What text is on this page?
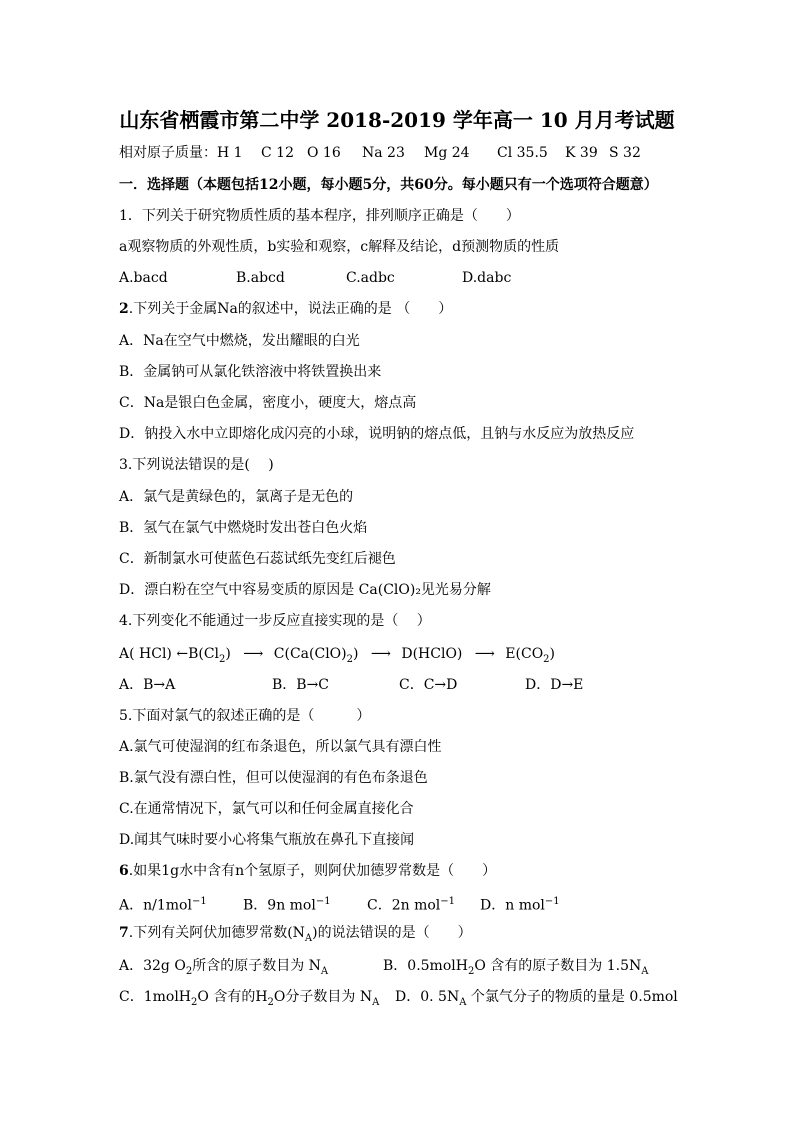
山东省栖霞市第二中学 2018-2019 学年高一 10 月月考试题
相对原子质量： H 1 C 12 O 16 Na 23 Mg 24 Cl 35.5 K 39 S 32
一．选择题（本题包括12小题，每小题5分，共60分。每小题只有一个选项符合题意）
1．下列关于研究物质性质的基本程序，排列顺序正确是（　　）
a观察物质的外观性质，b实验和观察，c解释及结论，d预测物质的性质
A.bacd	B.abcd	C.adbc	D.dabc
2.下列关于金属Na的叙述中，说法正确的是 （　　）
A．Na在空气中燃烧，发出耀眼的白光
B．金属钠可从氯化铁溶液中将铁置换出来
C．Na是银白色金属，密度小，硬度大，熔点高
D．钠投入水中立即熔化成闪亮的小球，说明钠的熔点低，且钠与水反应为放热反应
3.下列说法错误的是(　 )
A．氯气是黄绿色的，氯离子是无色的
B．氢气在氯气中燃烧时发出苍白色火焰
C．新制氯水可使蓝色石蕊试纸先变红后褪色
D．漂白粉在空气中容易变质的原因是 Ca(ClO)₂见光易分解
4.下列变化不能通过一步反应直接实现的是（　 ）
A( HCl) $\leftarrow B(Cl_2)$ ⟶ $C(Ca(ClO)_2)$ ⟶ D(HClO) ⟶ $E(CO_2)$
A．B→A	B．B→C	C．C→D	D．D→E
5.下面对氯气的叙述正确的是（　　　）
A.氯气可使湿润的红布条退色，所以氯气具有漂白性
B.氯气没有漂白性，但可以使湿润的有色布条退色
C.在通常情况下，氯气可以和任何金属直接化合
D.闻其气味时要小心将集气瓶放在鼻孔下直接闻
6.如果1g水中含有n个氢原子，则阿伏加德罗常数是（　　）
A．n/1mol$^{-1}$	B．9n mol$^{-1}$	C．2n mol$^{-1}$ D．n mol$^{-1}$
7.下列有关阿伏加德罗常数$(N_A)$的说法错误的是（　　）
A．32g $O_2$所含的原子数目为 $N_A$	B．0.5molH$_2$O 含有的原子数目为 $1.5N_A$
C．1molH$_2$O 含有的$H_2O$分子数目为 $N_A$ D．0. $5N_A$ 个氯气分子的物质的量是 0.5mol
